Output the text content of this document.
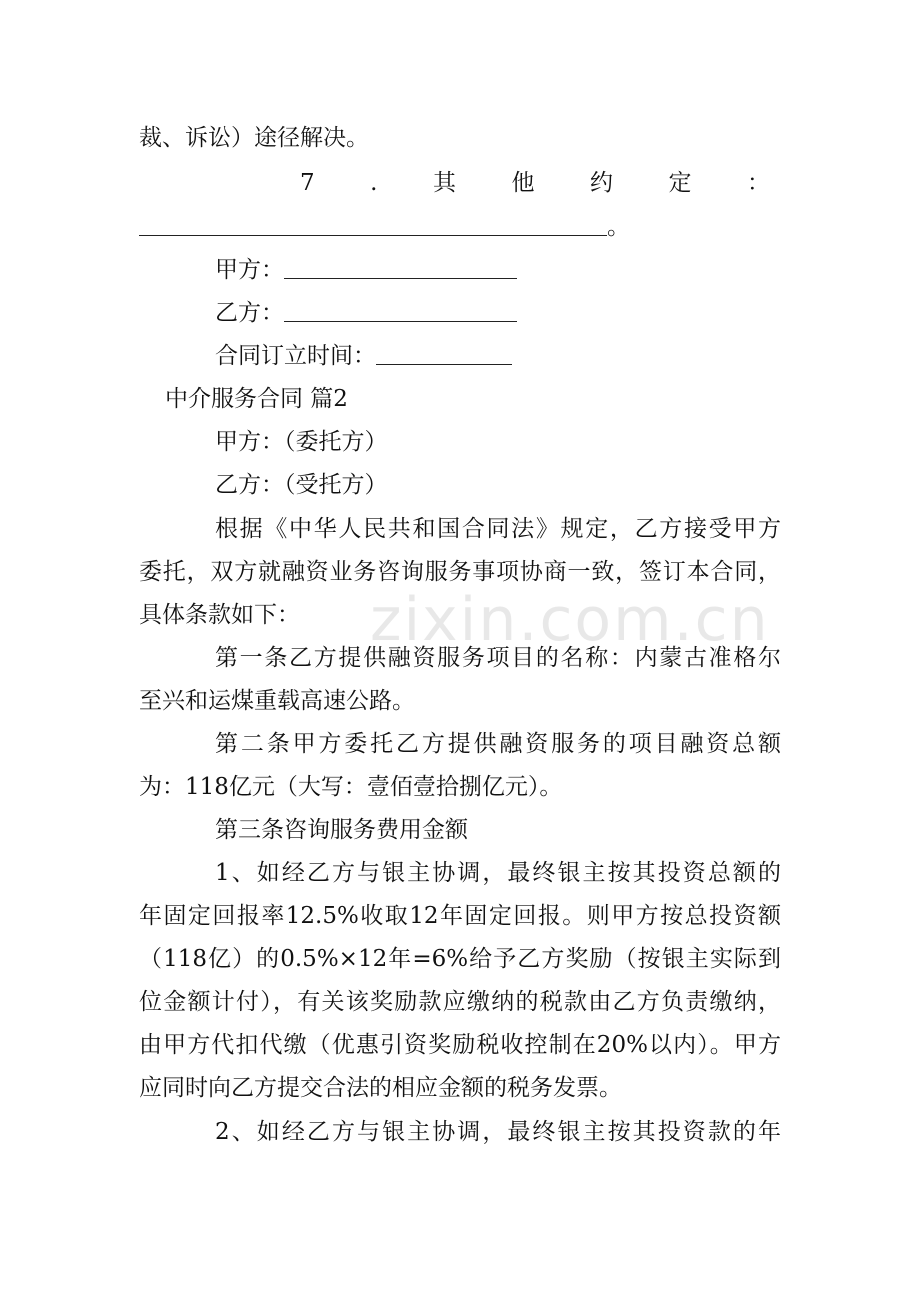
裁、诉讼）途径解决。

7 . 其 他 约 定 ：

。

甲方：

乙方：

合同订立时间：

中介服务合同 篇2

甲方：（委托方）

乙方：（受托方）

根据《中华人民共和国合同法》规定，乙方接受甲方

委托，双方就融资业务咨询服务事项协商一致，签订本合同，

具体条款如下：

第一条乙方提供融资服务项目的名称：内蒙古准格尔

至兴和运煤重载高速公路。

第二条甲方委托乙方提供融资服务的项目融资总额

为：118亿元（大写：壹佰壹拾捌亿元）。

第三条咨询服务费用金额

1、如经乙方与银主协调，最终银主按其投资总额的

年固定回报率12.5%收取12年固定回报。则甲方按总投资额

（118亿）的0.5%×12年=6%给予乙方奖励（按银主实际到

位金额计付），有关该奖励款应缴纳的税款由乙方负责缴纳，

由甲方代扣代缴（优惠引资奖励税收控制在20%以内）。甲方

应同时向乙方提交合法的相应金额的税务发票。

2、如经乙方与银主协调，最终银主按其投资款的年

zixin.com.cn
